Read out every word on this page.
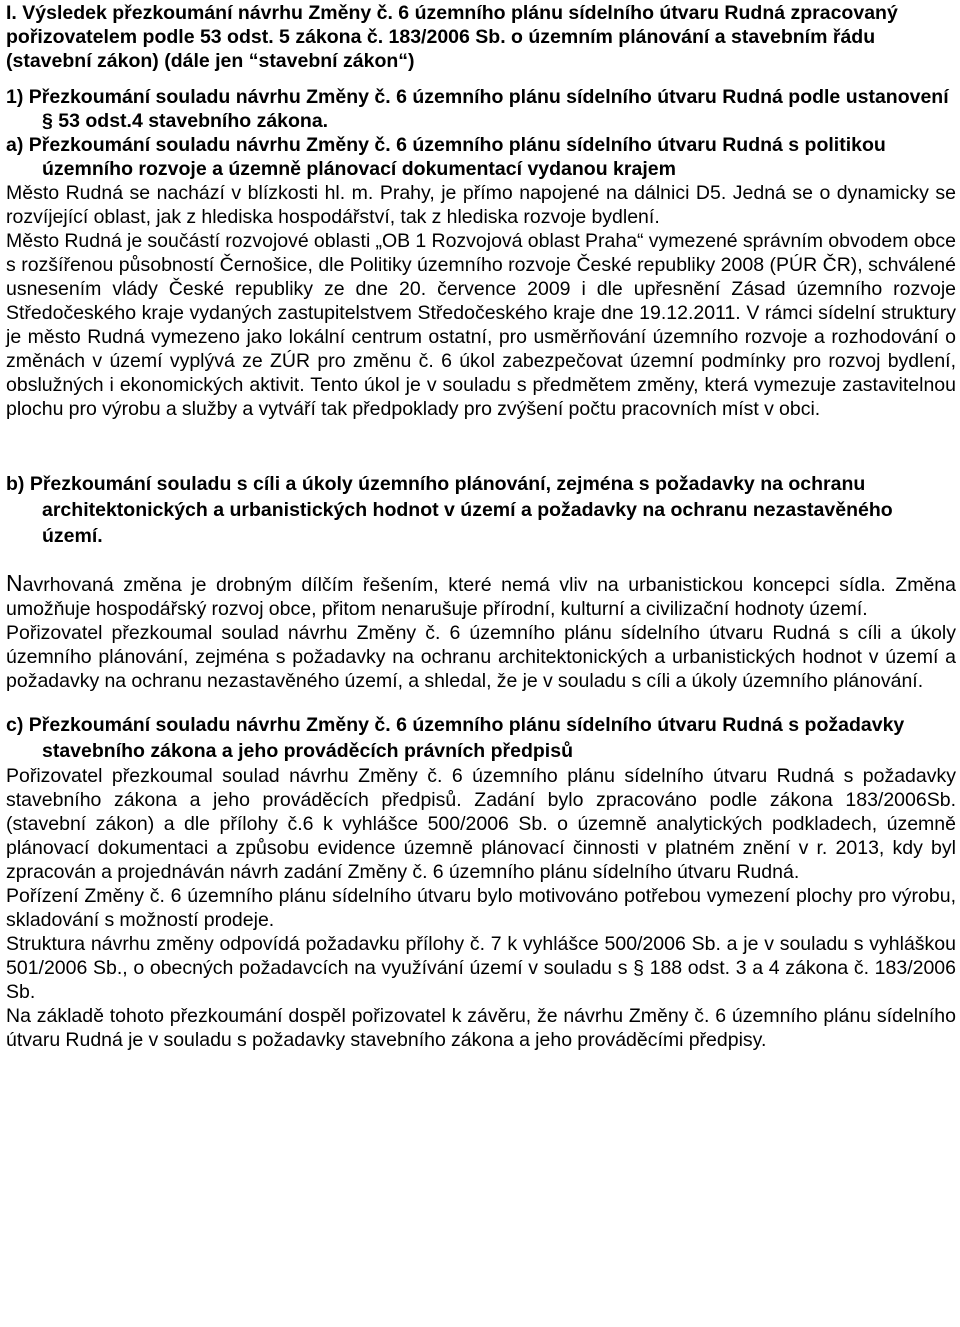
I. Výsledek přezkoumání návrhu Změny č. 6 územního plánu sídelního útvaru Rudná zpracovaný pořizovatelem podle 53 odst. 5 zákona č. 183/2006 Sb. o územním plánování a stavebním řádu (stavební zákon) (dále jen “stavební zákon“)

1) Přezkoumání souladu návrhu Změny č. 6 územního plánu sídelního útvaru Rudná podle ustanovení § 53 odst.4 stavebního zákona.

a) Přezkoumání souladu návrhu Změny č. 6 územního plánu sídelního útvaru Rudná s politikou územního rozvoje a územně plánovací dokumentací vydanou krajem

Město Rudná se nachází v blízkosti hl. m. Prahy, je přímo napojené na dálnici D5. Jedná se o dynamicky se rozvíjející oblast, jak z hlediska hospodářství, tak z hlediska rozvoje bydlení.

Město Rudná je součástí rozvojové oblasti „OB 1 Rozvojová oblast Praha“ vymezené správním obvodem obce s rozšířenou působností Černošice, dle Politiky územního rozvoje České republiky 2008 (PÚR ČR), schválené usnesením vlády České republiky ze dne 20. července 2009 i dle upřesnění Zásad územního rozvoje Středočeského kraje vydaných zastupitelstvem Středočeského kraje dne 19.12.2011. V rámci sídelní struktury je město Rudná vymezeno jako lokální centrum ostatní, pro usměrňování územního rozvoje a rozhodování o změnách v území vyplývá ze ZÚR pro změnu č. 6 úkol zabezpečovat územní podmínky pro rozvoj bydlení, obslužných i ekonomických aktivit. Tento úkol je v souladu s předmětem změny, která vymezuje zastavitelnou plochu pro výrobu a služby a vytváří tak předpoklady pro zvýšení počtu pracovních míst v obci.

b) Přezkoumání souladu s cíli a úkoly územního plánování, zejména s požadavky na ochranu architektonických a urbanistických hodnot v území a požadavky na ochranu nezastavěného území.

Navrhovaná změna je drobným dílčím řešením, které nemá vliv na urbanistickou koncepci sídla. Změna umožňuje hospodářský rozvoj obce, přitom nenarušuje přírodní, kulturní a civilizační hodnoty území.

Pořizovatel přezkoumal soulad návrhu Změny č. 6 územního plánu sídelního útvaru Rudná s cíli a úkoly územního plánování, zejména s požadavky na ochranu architektonických a urbanistických hodnot v území a požadavky na ochranu nezastavěného území, a shledal, že je v souladu s cíli a úkoly územního plánování.

c) Přezkoumání souladu návrhu Změny č. 6 územního plánu sídelního útvaru Rudná s požadavky stavebního zákona a jeho prováděcích právních předpisů

Pořizovatel přezkoumal soulad návrhu Změny č. 6 územního plánu sídelního útvaru Rudná s požadavky stavebního zákona a jeho prováděcích předpisů. Zadání bylo zpracováno podle zákona 183/2006Sb. (stavební zákon) a dle přílohy č.6 k vyhlášce 500/2006 Sb. o územně analytických podkladech, územně plánovací dokumentaci a způsobu evidence územně plánovací činnosti v platném znění v r. 2013, kdy byl zpracován a projednáván návrh zadání Změny č. 6 územního plánu sídelního útvaru Rudná.

Pořízení Změny č. 6 územního plánu sídelního útvaru bylo motivováno potřebou vymezení plochy pro výrobu, skladování s možností prodeje.

Struktura návrhu změny odpovídá požadavku přílohy č. 7 k vyhlášce 500/2006 Sb. a je v souladu s vyhláškou 501/2006 Sb., o obecných požadavcích na využívání území v souladu s § 188 odst. 3 a 4 zákona č. 183/2006 Sb.

Na základě tohoto přezkoumání dospěl pořizovatel k závěru, že návrhu Změny č. 6 územního plánu sídelního útvaru Rudná je v souladu s požadavky stavebního zákona a jeho prováděcími předpisy.
